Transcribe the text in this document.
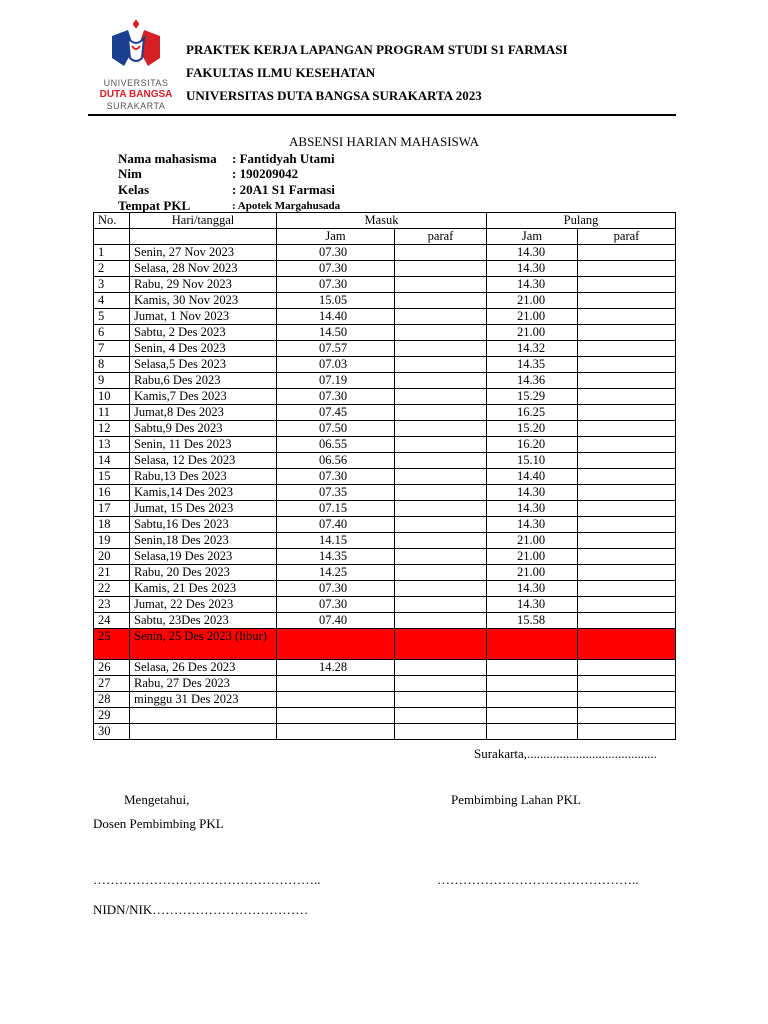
UNIVERSITAS
DUTA BANGSA
SURAKARTA
PRAKTEK KERJA LAPANGAN PROGRAM STUDI S1 FARMASI
FAKULTAS ILMU KESEHATAN
UNIVERSITAS DUTA BANGSA SURAKARTA 2023
ABSENSI HARIAN MAHASISWA
Nama mahasisma : Fantidyah Utami
Nim	: 190209042
Kelas	: 20A1 S1 Farmasi
Tempat PKL	: Apotek Margahusada
No.	Hari/tanggal	Masuk		Pulang	
		Jam	paraf	Jam	paraf
1	Senin, 27 Nov 2023	07.30		14.30	
2	Selasa, 28 Nov 2023	07.30		14.30	
3	Rabu, 29 Nov 2023	07.30		14.30	
4	Kamis, 30 Nov 2023	15.05		21.00	
5	Jumat, 1 Nov 2023	14.40		21.00	
6	Sabtu, 2 Des 2023	14.50		21.00	
7	Senin, 4 Des 2023	07.57		14.32	
8	Selasa,5 Des 2023	07.03		14.35	
9	Rabu,6 Des 2023	07.19		14.36	
10	Kamis,7 Des 2023	07.30		15.29	
11	Jumat,8 Des 2023	07.45		16.25	
12	Sabtu,9 Des 2023	07.50		15.20	
13	Senin, 11 Des 2023	06.55		16.20	
14	Selasa, 12 Des 2023	06.56		15.10	
15	Rabu,13 Des 2023	07.30		14.40	
16	Kamis,14 Des 2023	07.35		14.30	
17	Jumat, 15 Des 2023	07.15		14.30	
18	Sabtu,16 Des 2023	07.40		14.30	
19	Senin,18 Des 2023	14.15		21.00	
20	Selasa,19 Des 2023	14.35		21.00	
21	Rabu, 20 Des 2023	14.25		21.00	
22	Kamis, 21 Des 2023	07.30		14.30	
23	Jumat, 22 Des 2023	07.30		14.30	
24	Sabtu, 23Des 2023	07.40		15.58	
25	Senin, 25 Des 2023 (libur)				
26	Selasa, 26 Des 2023	14.28			
27	Rabu, 27 Des 2023				
28	minggu 31 Des 2023				
29					
30					
Surakarta,........................................
Mengetahui,	Pembimbing Lahan PKL
Dosen Pembimbing PKL
……………………………………………..	………………………………………..
NIDN/NIK………………………………
